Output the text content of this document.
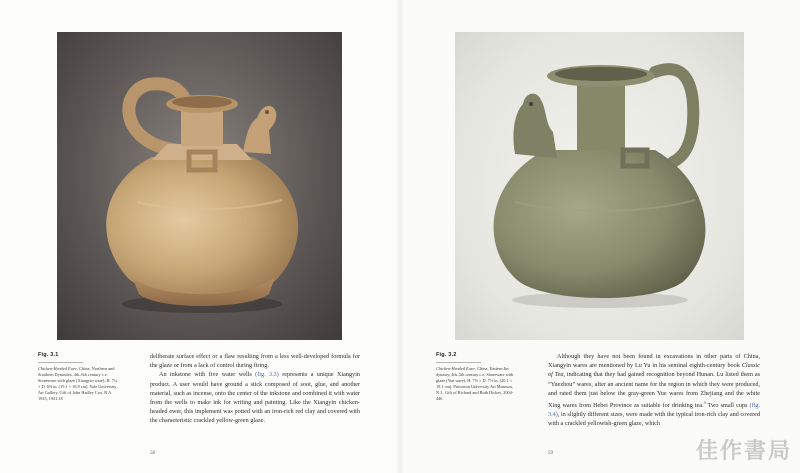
Fig. 3.1
Chicken-Headed Ewer, China, Northern and Southern Dynasties, 4th–6th century c.e. Stoneware with glaze (Xiangyin ware), H. 7¼ × D. 6⅝ in. (19.1 × 16.9 cm). Yale University Art Gallery, Gift of John Hadley Cox, B.A. 1935, 1941.18

deliberate surface effect or a flaw resulting from a less well-developed formula for the glaze or from a lack of control during firing.

An inkstone with five water wells (fig. 3.3) represents a unique Xiangyin product. A user would have ground a stick composed of soot, glue, and another material, such as incense, onto the center of the inkstone and combined it with water from the wells to make ink for writing and painting. Like the Xiangyin chicken-headed ewer, this implement was potted with an iron-rich red clay and covered with the characteristic crackled yellow-green glaze.

58
Fig. 3.2
Chicken-Headed Ewer, China, Eastern Jin dynasty, 4th–5th century c.e. Stoneware with glaze (Yue ware), H. 7⅞ × D. 7½ in. (20.1 × 19.1 cm). Princeton University Art Museum, N.J., Gift of Richard and Ruth Dickes, 2004-446

Although they have not been found in excavations in other parts of China, Xiangyin wares are mentioned by Lu Yu in his seminal eighth-century book Classic of Tea, indicating that they had gained recognition beyond Hunan. Lu listed them as “Yuezhou” wares, after an ancient name for the region in which they were produced, and rated them just below the gray-green Yue wares from Zhejiang and the white Xing wares from Hebei Province as suitable for drinking tea.$^3$ Two small cups (fig. 3.4), in slightly different sizes, were made with the typical iron-rich clay and covered with a crackled yellowish-green glaze, which

59	佳作書局
